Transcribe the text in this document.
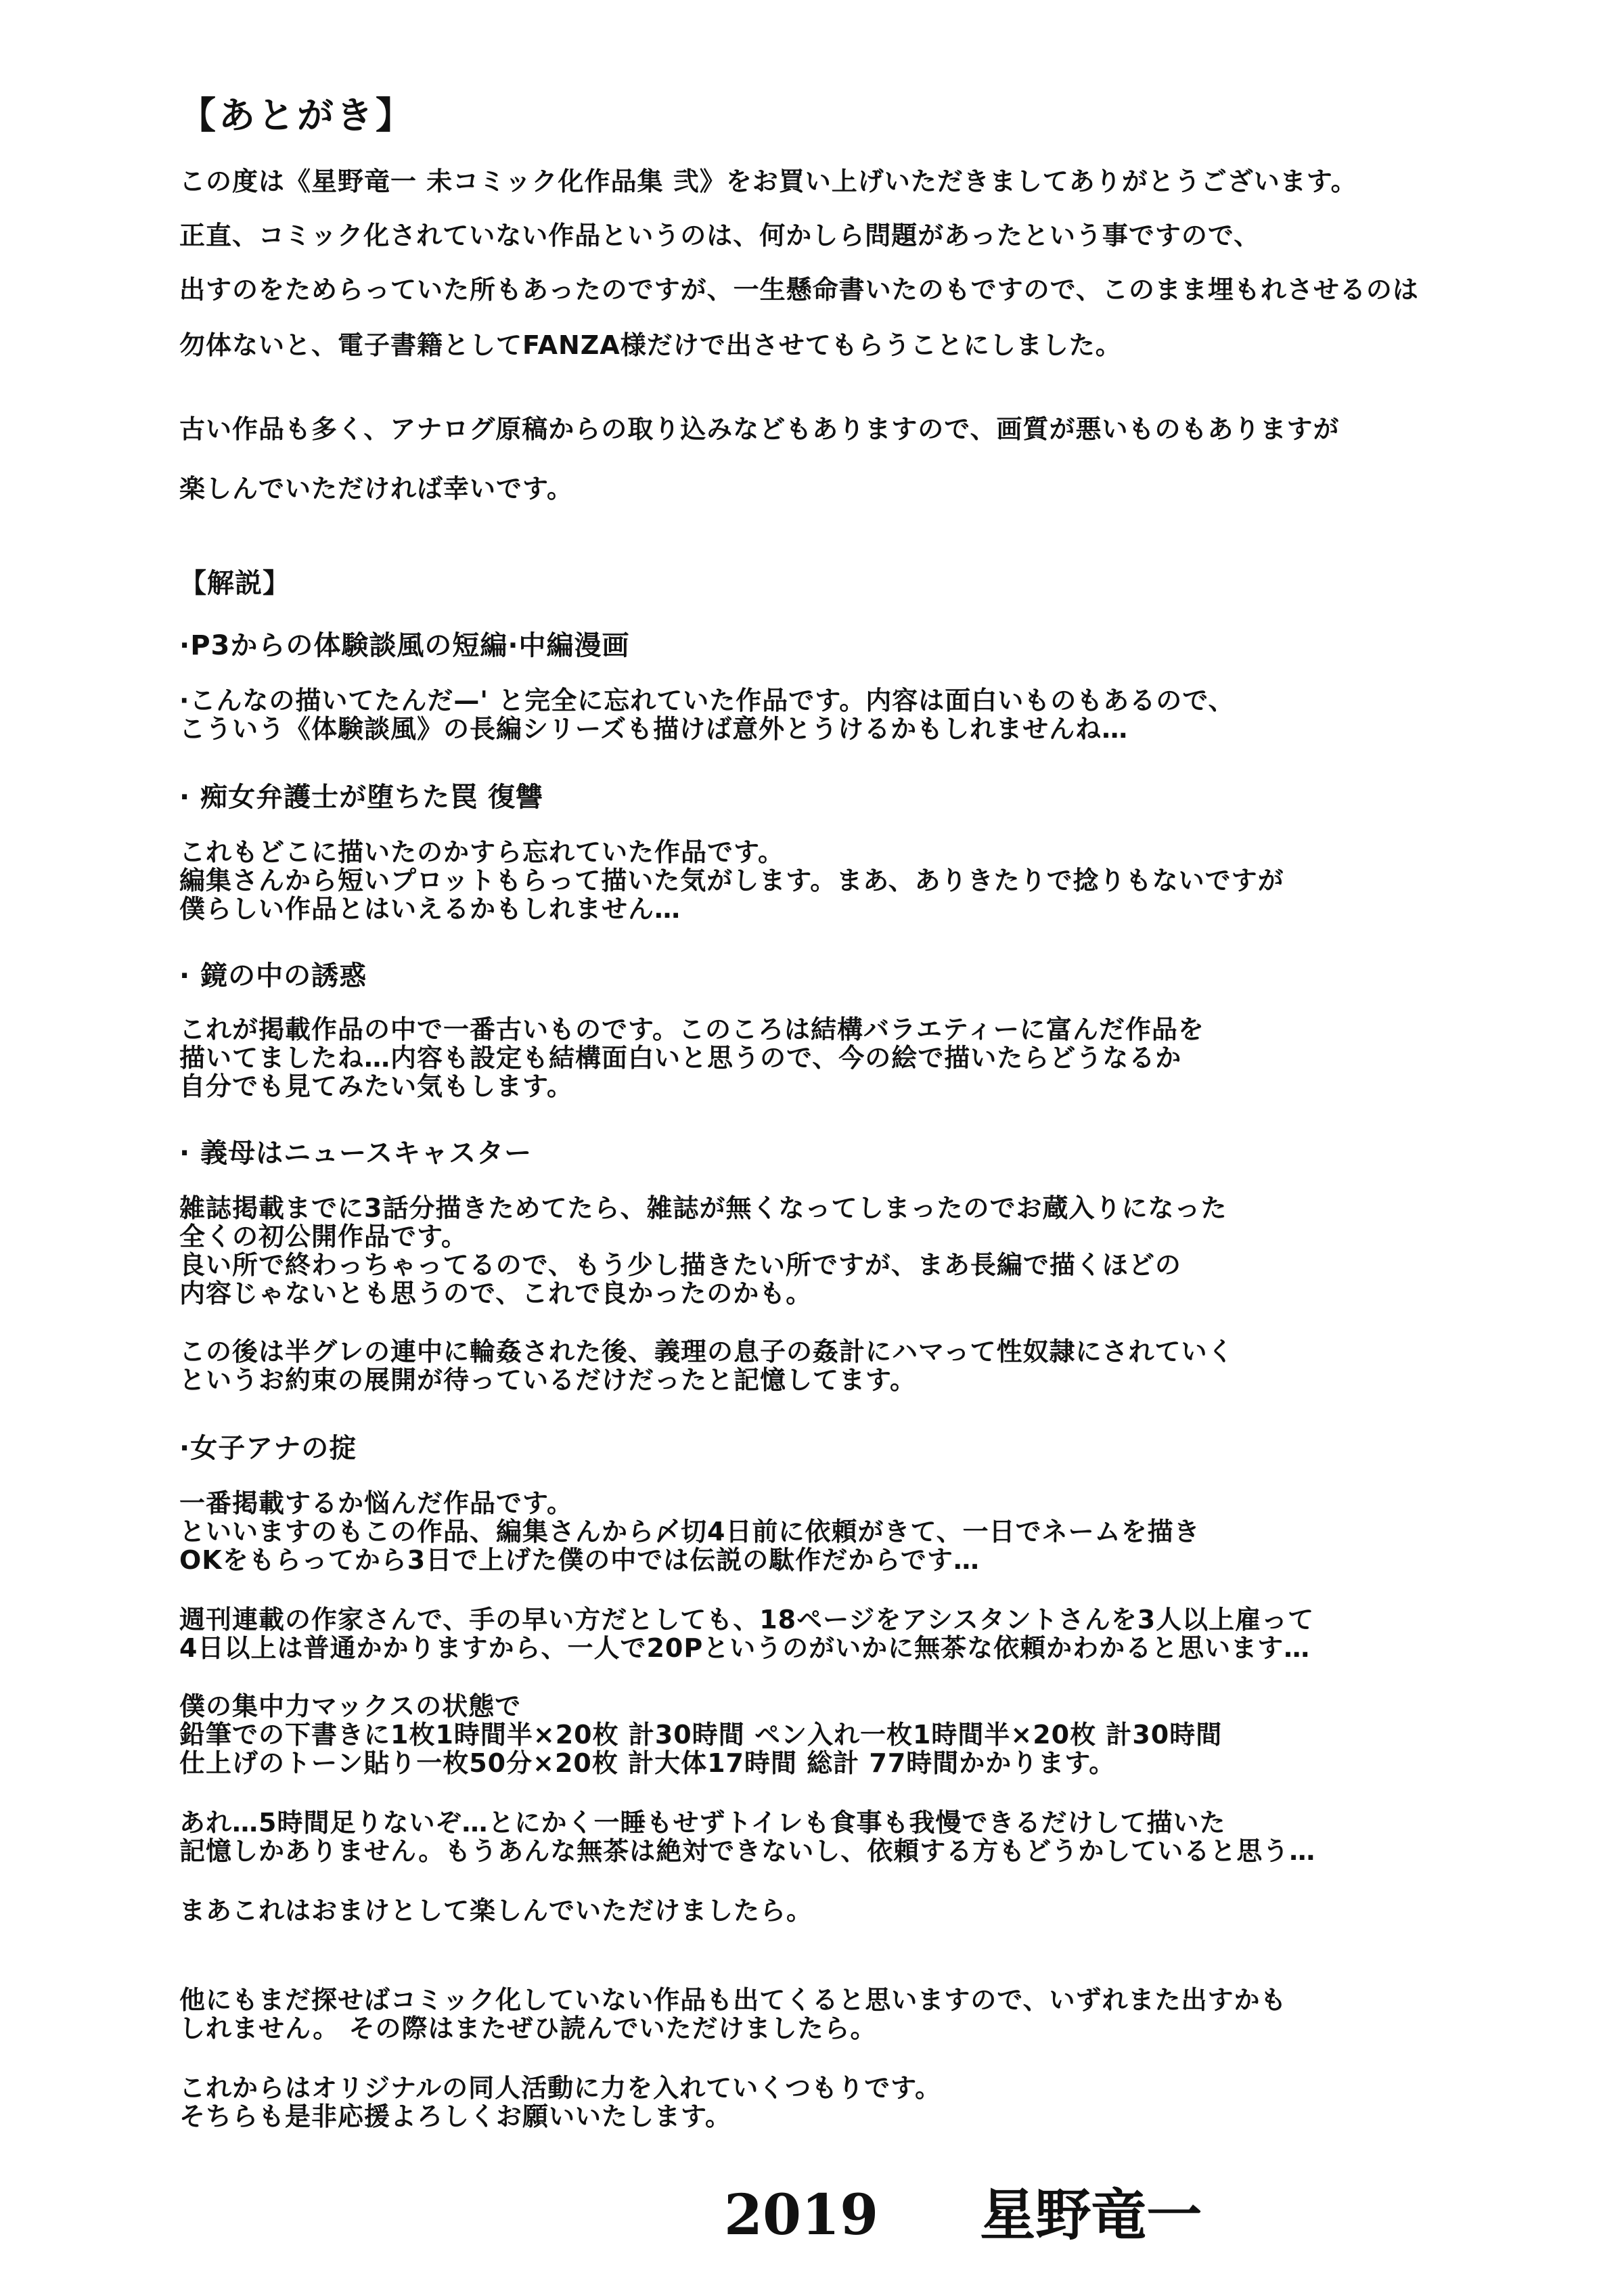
【あとがき】
この度は《星野竜一 未コミック化作品集 弐》をお買い上げいただきましてありがとうございます。
正直、コミック化されていない作品というのは、何かしら問題があったという事ですので、
出すのをためらっていた所もあったのですが、一生懸命書いたのもですので、このまま埋もれさせるのは
勿体ないと、電子書籍としてFANZA様だけで出させてもらうことにしました。
古い作品も多く、アナログ原稿からの取り込みなどもありますので、画質が悪いものもありますが
楽しんでいただければ幸いです。
【解説】
·P3からの体験談風の短編·中編漫画
·こんなの描いてたんだ—' と完全に忘れていた作品です。内容は面白いものもあるので、
こういう《体験談風》の長編シリーズも描けば意外とうけるかもしれませんね…
· 痴女弁護士が堕ちた罠 復讐
これもどこに描いたのかすら忘れていた作品です。
編集さんから短いプロットもらって描いた気がします。まあ、ありきたりで捻りもないですが
僕らしい作品とはいえるかもしれません…
· 鏡の中の誘惑
これが掲載作品の中で一番古いものです。このころは結構バラエティーに富んだ作品を
描いてましたね…内容も設定も結構面白いと思うので、今の絵で描いたらどうなるか
自分でも見てみたい気もします。
· 義母はニュースキャスター
雑誌掲載までに3話分描きためてたら、雑誌が無くなってしまったのでお蔵入りになった
全くの初公開作品です。
良い所で終わっちゃってるので、もう少し描きたい所ですが、まあ長編で描くほどの
内容じゃないとも思うので、これで良かったのかも。
この後は半グレの連中に輪姦された後、義理の息子の姦計にハマって性奴隷にされていく
というお約束の展開が待っているだけだったと記憶してます。
·女子アナの掟
一番掲載するか悩んだ作品です。
といいますのもこの作品、編集さんから〆切4日前に依頼がきて、一日でネームを描き
OKをもらってから3日で上げた僕の中では伝説の駄作だからです…
週刊連載の作家さんで、手の早い方だとしても、18ページをアシスタントさんを3人以上雇って
4日以上は普通かかりますから、一人で20Pというのがいかに無茶な依頼かわかると思います…
僕の集中力マックスの状態で
鉛筆での下書きに1枚1時間半×20枚 計30時間 ペン入れ一枚1時間半×20枚 計30時間
仕上げのトーン貼り一枚50分×20枚 計大体17時間 総計 77時間かかります。
あれ…5時間足りないぞ…とにかく一睡もせずトイレも食事も我慢できるだけして描いた
記憶しかありません。もうあんな無茶は絶対できないし、依頼する方もどうかしていると思う…
まあこれはおまけとして楽しんでいただけましたら。
他にもまだ探せばコミック化していない作品も出てくると思いますので、いずれまた出すかも
しれません。 その際はまたぜひ読んでいただけましたら。
これからはオリジナルの同人活動に力を入れていくつもりです。
そちらも是非応援よろしくお願いいたします。
2019 星野竜一
